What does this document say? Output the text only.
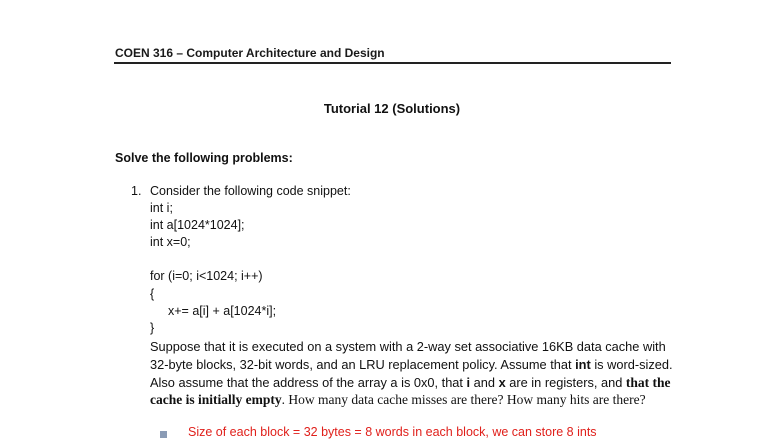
COEN 316 – Computer Architecture and Design
Tutorial 12 (Solutions)
Solve the following problems:
1. Consider the following code snippet:
int i;
int a[1024*1024];
int x=0;
for (i=0; i<1024; i++)
{
x+= a[i] + a[1024*i];
}
Suppose that it is executed on a system with a 2-way set associative 16KB data cache with
32-byte blocks, 32-bit words, and an LRU replacement policy. Assume that int is word-sized.
Also assume that the address of the array a is 0x0, that i and x are in registers, and that the
cache is initially empty. How many data cache misses are there? How many hits are there?
Size of each block = 32 bytes = 8 words in each block, we can store 8 ints
